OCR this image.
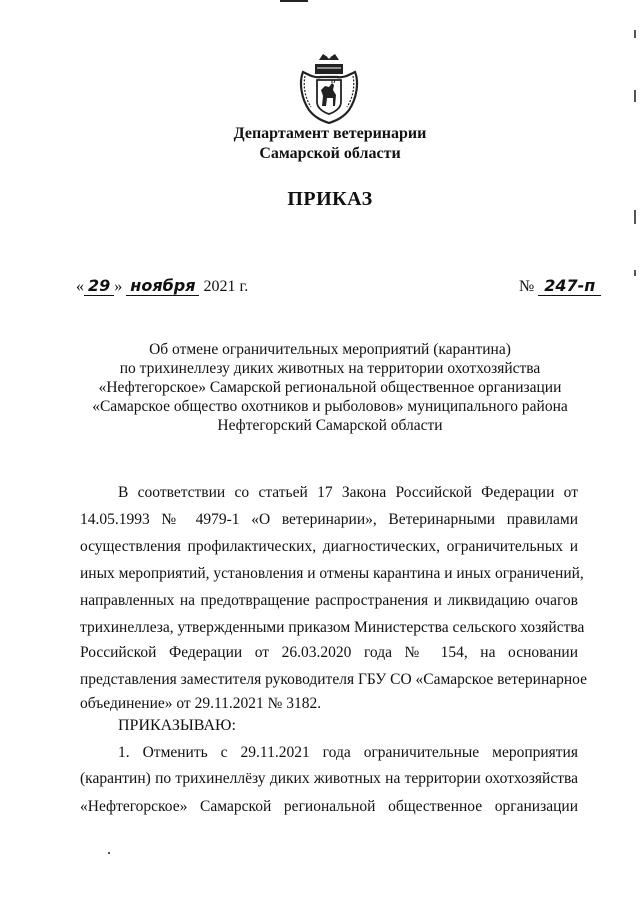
Департамент ветеринарии
Самарской области
ПРИКАЗ
« 29 » ноября 2021 г.	№ 247-п
Об отмене ограничительных мероприятий (карантина)
по трихинеллезу диких животных на территории охотхозяйства
«Нефтегорское» Самарской региональной общественное организации
«Самарское общество охотников и рыболовов» муниципального района
Нефтегорский Самарской области
В соответствии со статьей 17 Закона Российской Федерации от
14.05.1993 № 4979-1 «О ветеринарии», Ветеринарными правилами
осуществления профилактических, диагностических, ограничительных и
иных мероприятий, установления и отмены карантина и иных ограничений,
направленных на предотвращение распространения и ликвидацию очагов
трихинеллеза, утвержденными приказом Министерства сельского хозяйства
Российской Федерации от 26.03.2020 года № 154, на основании
представления заместителя руководителя ГБУ СО «Самарское ветеринарное
объединение» от 29.11.2021 № 3182.
ПРИКАЗЫВАЮ:
1. Отменить с 29.11.2021 года ограничительные мероприятия
(карантин) по трихинеллёзу диких животных на территории охотхозяйства
«Нефтегорское» Самарской региональной общественное организации
